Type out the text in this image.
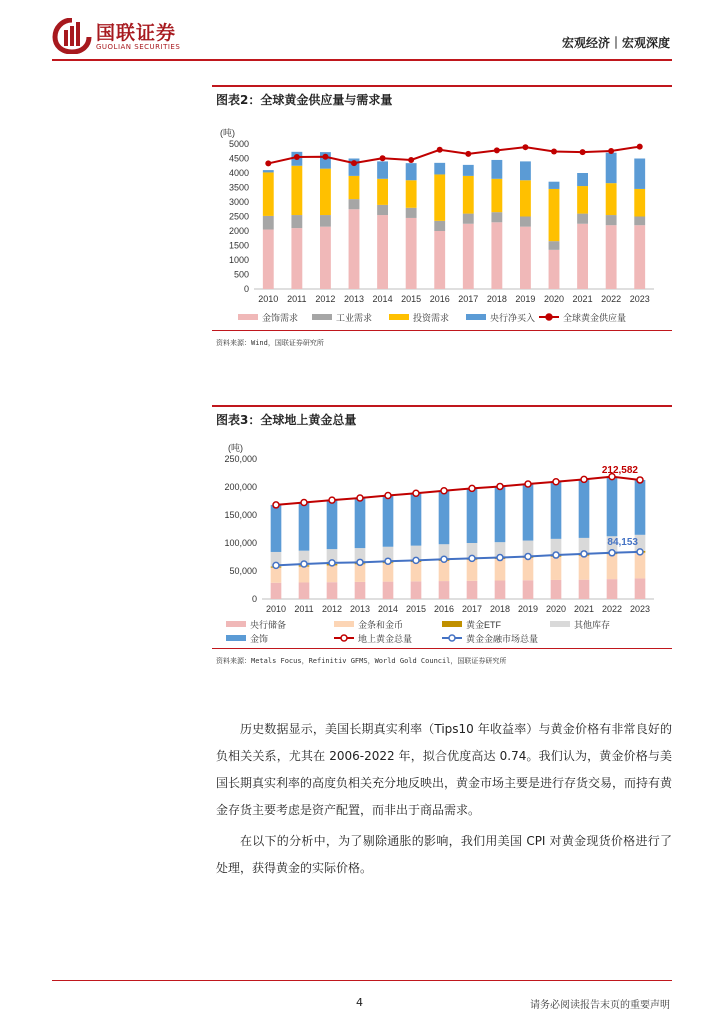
国联证券
GUOLIAN SECURITIES	宏观经济｜宏观深度
图表2：全球黄金供应量与需求量
(吨)
0
500
1000
1500
2000
2500
3000
3500
4000
4500
5000
2010 2011 2012 2013 2014 2015 2016 2017 2018 2019 2020 2021 2022 2023
金饰需求	工业需求	投资需求	央行净买入	全球黄金供应量
资料来源：Wind，国联证券研究所
图表3：全球地上黄金总量
(吨)
0
50,000
100,000
150,000
200,000
250,000
2010 2011 2012 2013 2014 2015 2016 2017 2018 2019 2020 2021 2022 2023
212,582
84,153
央行储备	金条和金币	黄金ETF	其他库存
金饰	地上黄金总量	黄金金融市场总量
资料来源：Metals Focus，Refinitiv GFMS，World Gold Council，国联证券研究所
历史数据显示，美国长期真实利率（Tips10 年收益率）与黄金价格有非常良好的负相关关系，尤其在 2006-2022 年，拟合优度高达 0.74。我们认为，黄金价格与美国长期真实利率的高度负相关充分地反映出，黄金市场主要是进行存货交易，而持有黄金存货主要考虑是资产配置，而非出于商品需求。
在以下的分析中，为了剔除通胀的影响，我们用美国 CPI 对黄金现货价格进行了处理，获得黄金的实际价格。
4	请务必阅读报告末页的重要声明
